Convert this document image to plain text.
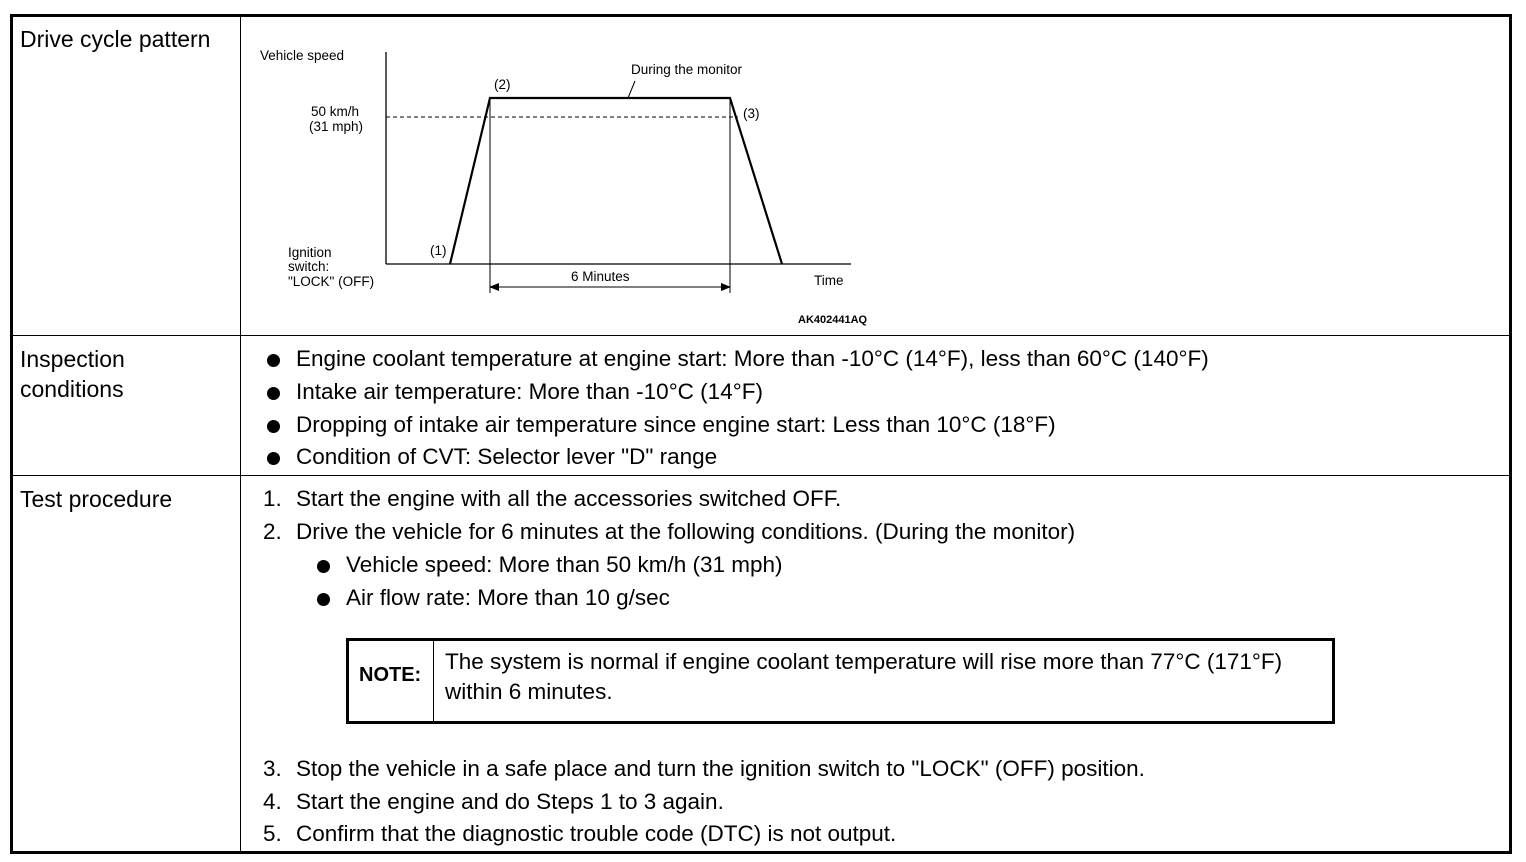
Drive cycle pattern
Inspection
conditions
Test procedure
Vehicle speed
50 km/h
(31 mph)
During the monitor
(2)
(3)
(1)
Ignition
switch:
"LOCK" (OFF)	6 Minutes	Time
AK402441AQ
Engine coolant temperature at engine start: More than -10°C (14°F), less than 60°C (140°F)
Intake air temperature: More than -10°C (14°F)
Dropping of intake air temperature since engine start: Less than 10°C (18°F)
Condition of CVT: Selector lever "D" range
1. Start the engine with all the accessories switched OFF.
2. Drive the vehicle for 6 minutes at the following conditions. (During the monitor)
Vehicle speed: More than 50 km/h (31 mph)
Air flow rate: More than 10 g/sec
NOTE:
The system is normal if engine coolant temperature will rise more than 77°C (171°F) within 6 minutes.
3. Stop the vehicle in a safe place and turn the ignition switch to "LOCK" (OFF) position.
4. Start the engine and do Steps 1 to 3 again.
5. Confirm that the diagnostic trouble code (DTC) is not output.
